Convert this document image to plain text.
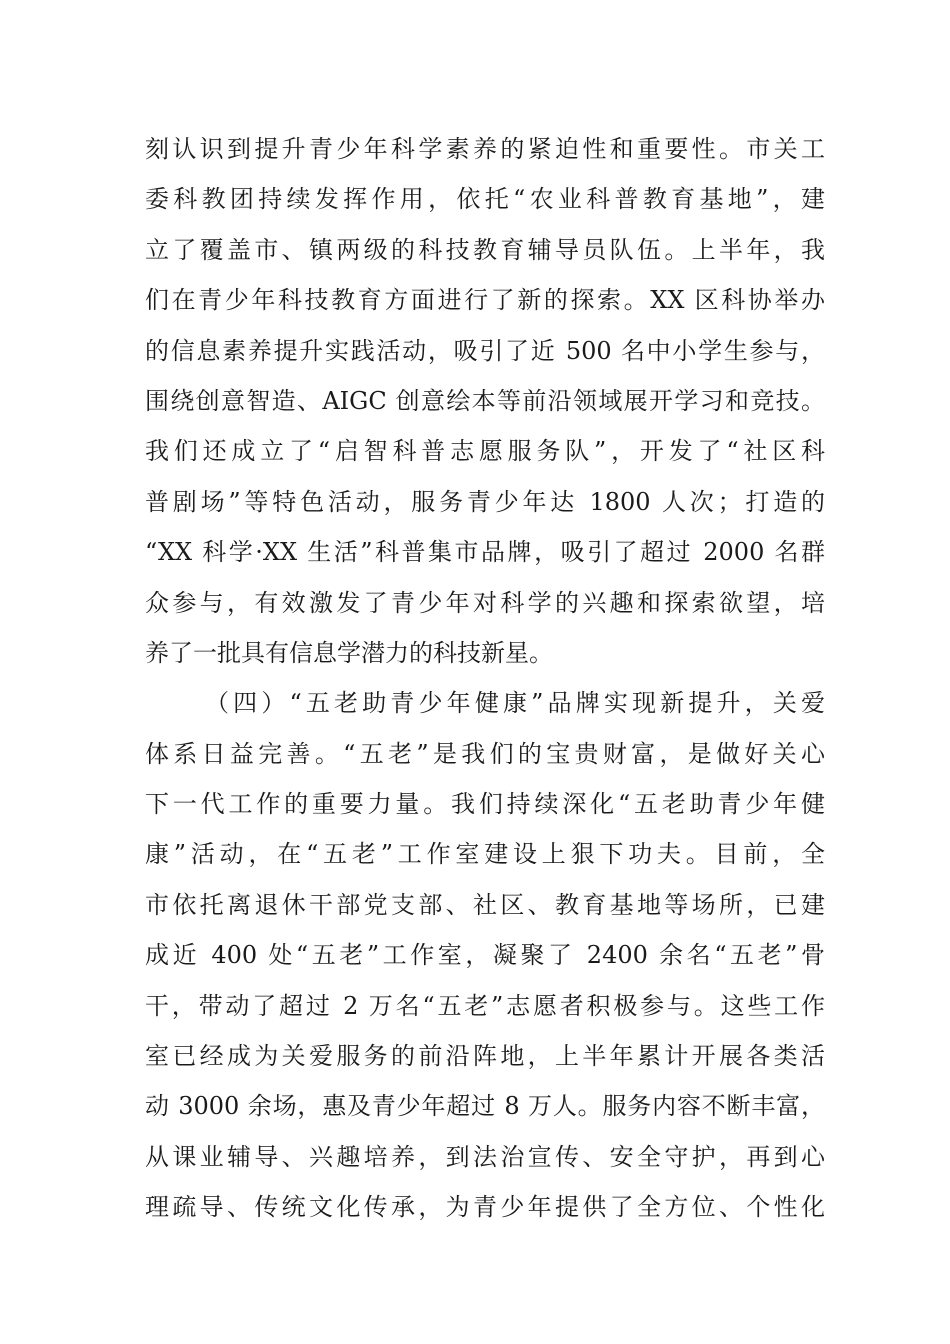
刻认识到提升青少年科学素养的紧迫性和重要性。市关工
委科教团持续发挥作用，依托“农业科普教育基地”，建
立了覆盖市、镇两级的科技教育辅导员队伍。上半年，我
们在青少年科技教育方面进行了新的探索。XX 区科协举办
的信息素养提升实践活动，吸引了近 500 名中小学生参与，
围绕创意智造、AIGC 创意绘本等前沿领域展开学习和竞技。
我们还成立了“启智科普志愿服务队”，开发了“社区科
普剧场”等特色活动，服务青少年达 1800 人次；打造的
“XX 科学·XX 生活”科普集市品牌，吸引了超过 2000 名群
众参与，有效激发了青少年对科学的兴趣和探索欲望，培
养了一批具有信息学潜力的科技新星。
（四）“五老助青少年健康”品牌实现新提升，关爱
体系日益完善。“五老”是我们的宝贵财富，是做好关心
下一代工作的重要力量。我们持续深化“五老助青少年健
康”活动，在“五老”工作室建设上狠下功夫。目前，全
市依托离退休干部党支部、社区、教育基地等场所，已建
成近 400 处“五老”工作室，凝聚了 2400 余名“五老”骨
干，带动了超过 2 万名“五老”志愿者积极参与。这些工作
室已经成为关爱服务的前沿阵地，上半年累计开展各类活
动 3000 余场，惠及青少年超过 8 万人。服务内容不断丰富，
从课业辅导、兴趣培养，到法治宣传、安全守护，再到心
理疏导、传统文化传承，为青少年提供了全方位、个性化
